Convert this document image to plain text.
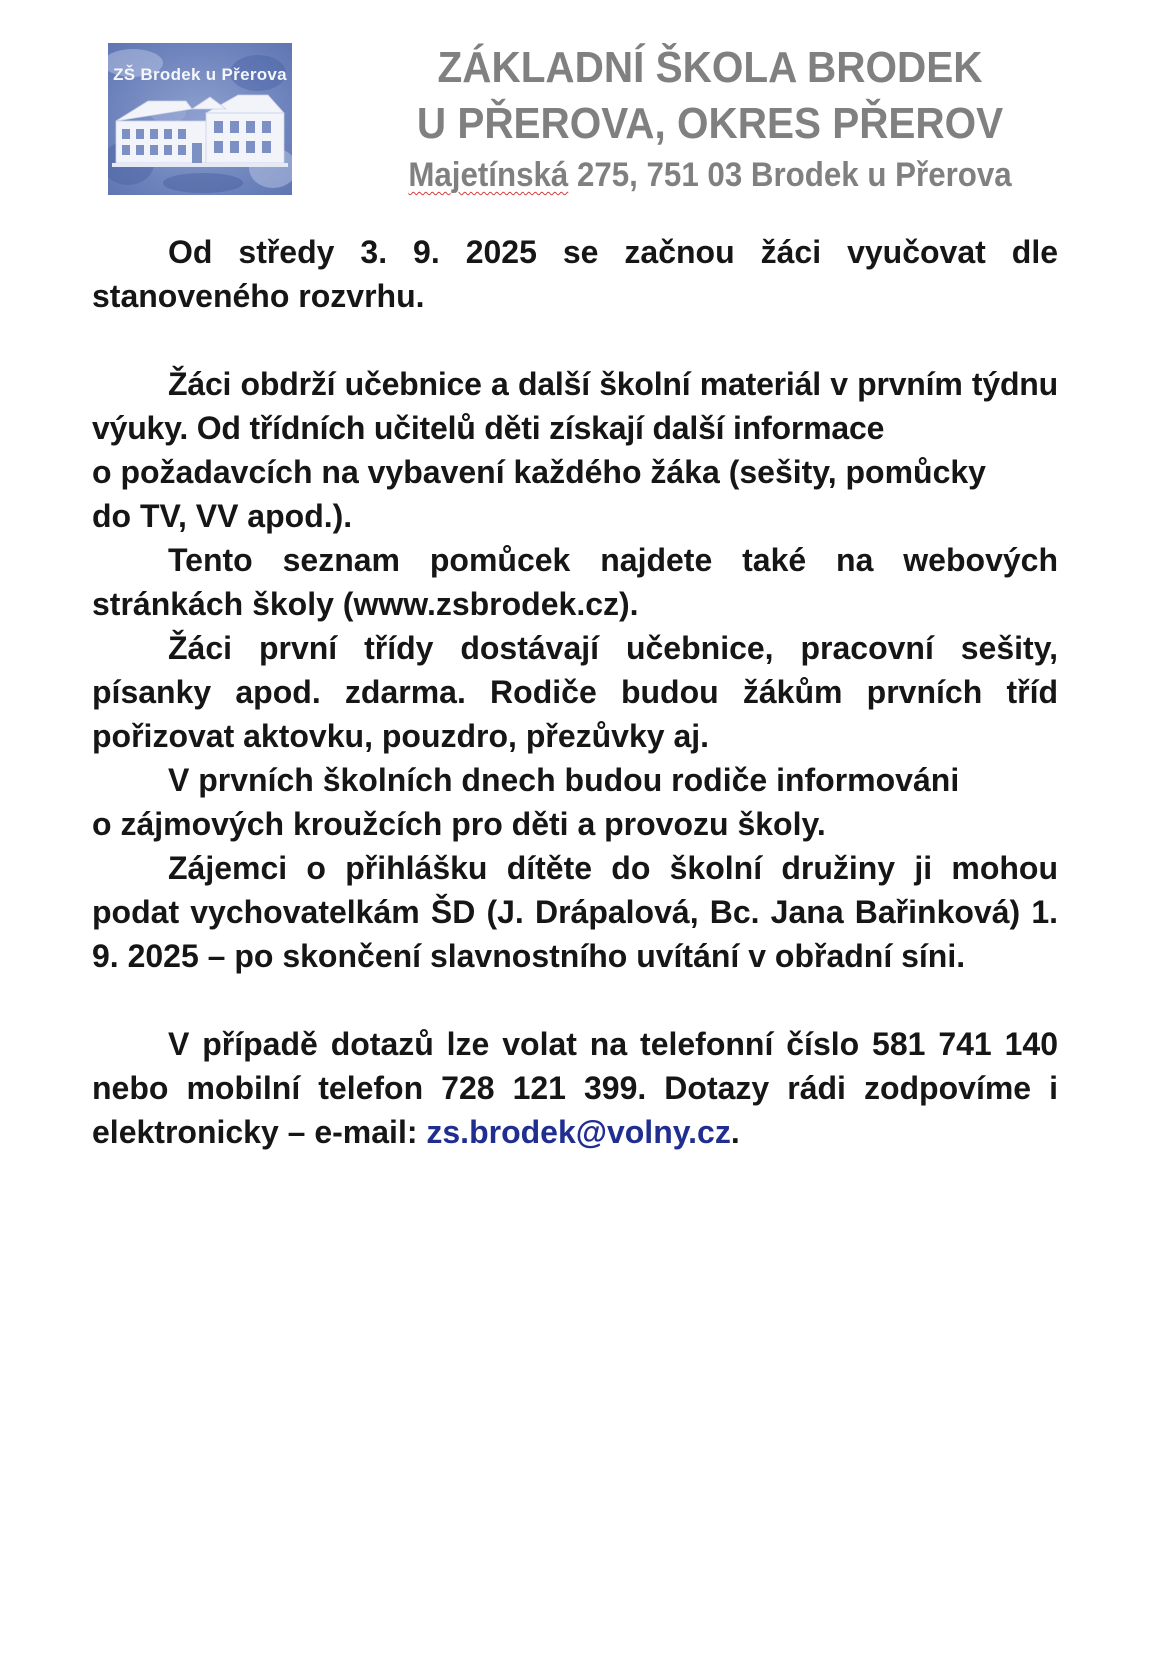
ZŠ Brodek u Přerova	ZÁKLADNÍ ŠKOLA BRODEK
U PŘEROVA, OKRES PŘEROV
Majetínská 275, 751 03 Brodek u Přerova

Od středy 3. 9. 2025 se začnou žáci vyučovat dle stanoveného rozvrhu.

Žáci obdrží učebnice a další školní materiál v prvním týdnu výuky. Od třídních učitelů děti získají další informace

o požadavcích na vybavení každého žáka (sešity, pomůcky
do TV, VV apod.).

Tento seznam pomůcek najdete také na webových stránkách školy (www.zsbrodek.cz).

Žáci první třídy dostávají učebnice, pracovní sešity, písanky apod. zdarma. Rodiče budou žákům prvních tříd pořizovat aktovku, pouzdro, přezůvky aj.

V prvních školních dnech budou rodiče informováni
o zájmových kroužcích pro děti a provozu školy.

Zájemci o přihlášku dítěte do školní družiny ji mohou podat vychovatelkám ŠD (J. Drápalová, Bc. Jana Bařinková) 1. 9. 2025 – po skončení slavnostního uvítání v obřadní síni.

V případě dotazů lze volat na telefonní číslo 581 741 140 nebo mobilní telefon 728 121 399. Dotazy rádi zodpovíme i elektronicky – e-mail: zs.brodek@volny.cz.
